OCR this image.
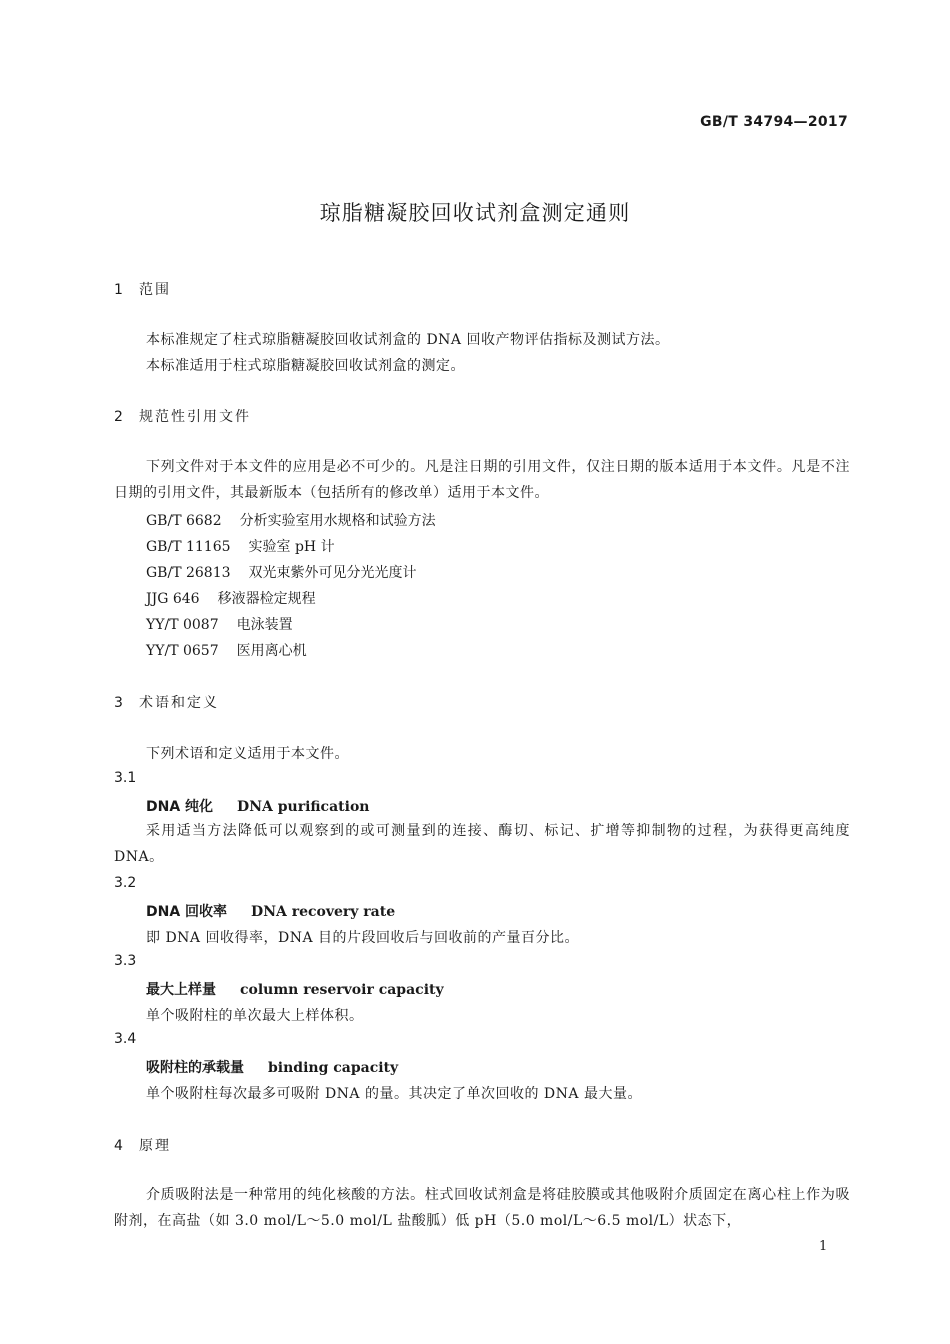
GB/T 34794—2017
琼脂糖凝胶回收试剂盒测定通则
1 范围
本标准规定了柱式琼脂糖凝胶回收试剂盒的 DNA 回收产物评估指标及测试方法。
本标准适用于柱式琼脂糖凝胶回收试剂盒的测定。
2 规范性引用文件
下列文件对于本文件的应用是必不可少的。凡是注日期的引用文件，仅注日期的版本适用于本文件。凡是不注日期的引用文件，其最新版本（包括所有的修改单）适用于本文件。
GB/T 6682 分析实验室用水规格和试验方法
GB/T 11165 实验室 pH 计
GB/T 26813 双光束紫外可见分光光度计
JJG 646 移液器检定规程
YY/T 0087 电泳装置
YY/T 0657 医用离心机
3 术语和定义
下列术语和定义适用于本文件。
3.1
DNA 纯化 DNA purification
采用适当方法降低可以观察到的或可测量到的连接、酶切、标记、扩增等抑制物的过程，为获得更高纯度 DNA。
3.2
DNA 回收率 DNA recovery rate
即 DNA 回收得率，DNA 目的片段回收后与回收前的产量百分比。
3.3
最大上样量 column reservoir capacity
单个吸附柱的单次最大上样体积。
3.4
吸附柱的承载量 binding capacity
单个吸附柱每次最多可吸附 DNA 的量。其决定了单次回收的 DNA 最大量。
4 原理
介质吸附法是一种常用的纯化核酸的方法。柱式回收试剂盒是将硅胶膜或其他吸附介质固定在离心柱上作为吸附剂，在高盐（如 3.0 mol/L～5.0 mol/L 盐酸胍）低 pH（5.0 mol/L～6.5 mol/L）状态下，
1
